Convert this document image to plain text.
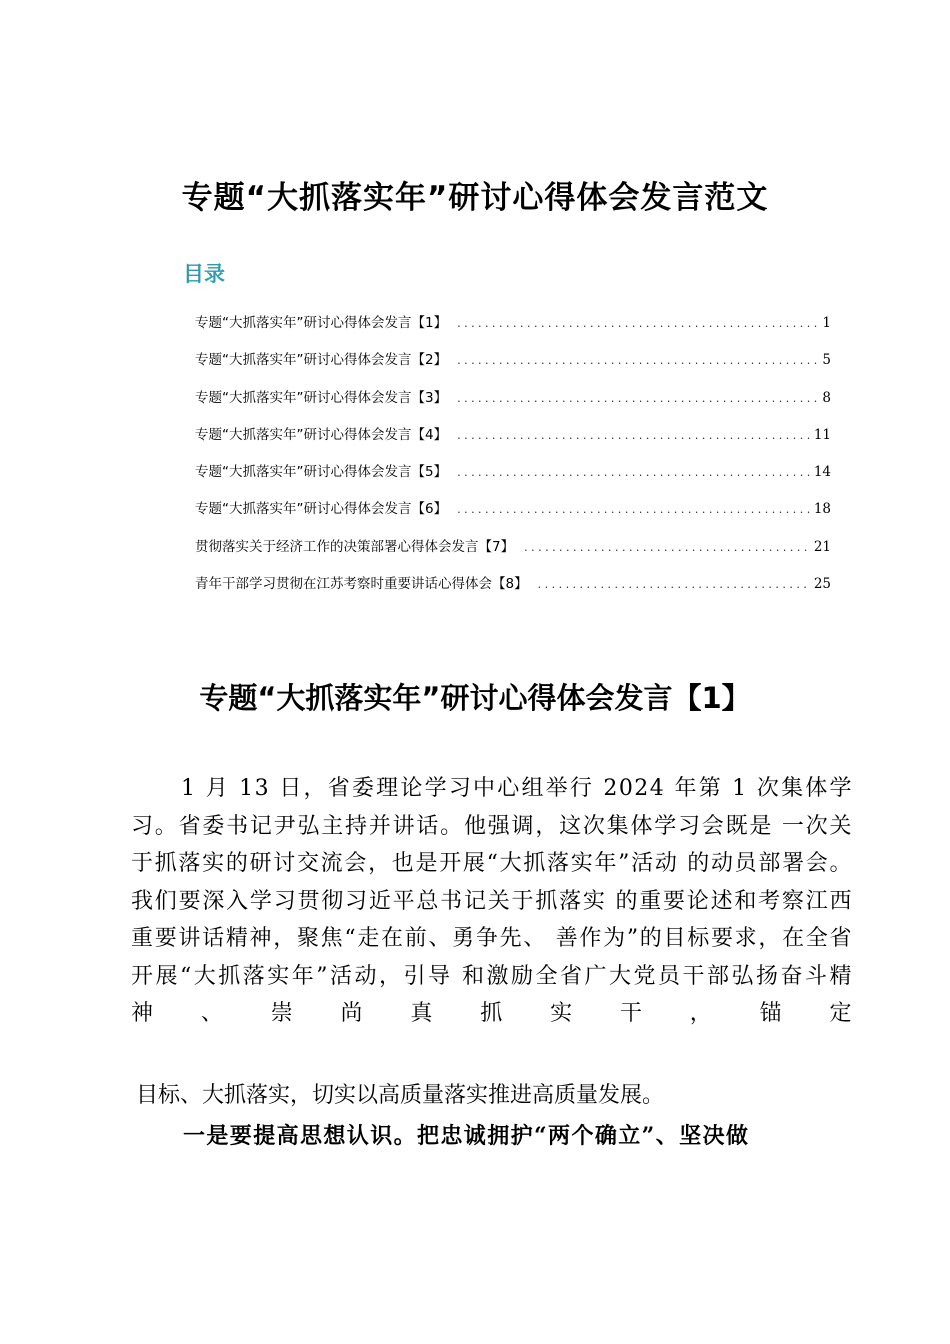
专题“大抓落实年”研讨心得体会发言范文
目录
专题“大抓落实年”研讨心得体会发言【1】 . . .	1
专题“大抓落实年”研讨心得体会发言【2】 . . .	5
专题“大抓落实年”研讨心得体会发言【3】 . . .	8
专题“大抓落实年”研讨心得体会发言【4】 . . .	11
专题“大抓落实年”研讨心得体会发言【5】 . . .	14
专题“大抓落实年”研讨心得体会发言【6】 . . .	18
贯彻落实关于经济工作的决策部署心得体会发言【7】 . . .	21
青年干部学习贯彻在江苏考察时重要讲话心得体会【8】 . . .	25
专题“大抓落实年”研讨心得体会发言【1】

1 月 13 日，省委理论学习中心组举行 2024 年第 1 次集体学 习。省委书记尹弘主持并讲话。他强调，这次集体学习会既是 一次关于抓落实的研讨交流会，也是开展“大抓落实年”活动 的动员部署会。我们要深入学习贯彻习近平总书记关于抓落实 的重要论述和考察江西重要讲话精神，聚焦“走在前、勇争先、 善作为”的目标要求，在全省开展“大抓落实年”活动，引导 和激励全省广大党员干部弘扬奋斗精神、崇尚真抓实干，锚定

目标、大抓落实，切实以高质量落实推进高质量发展。

一是要提高思想认识。把忠诚拥护“两个确立”、坚决做
